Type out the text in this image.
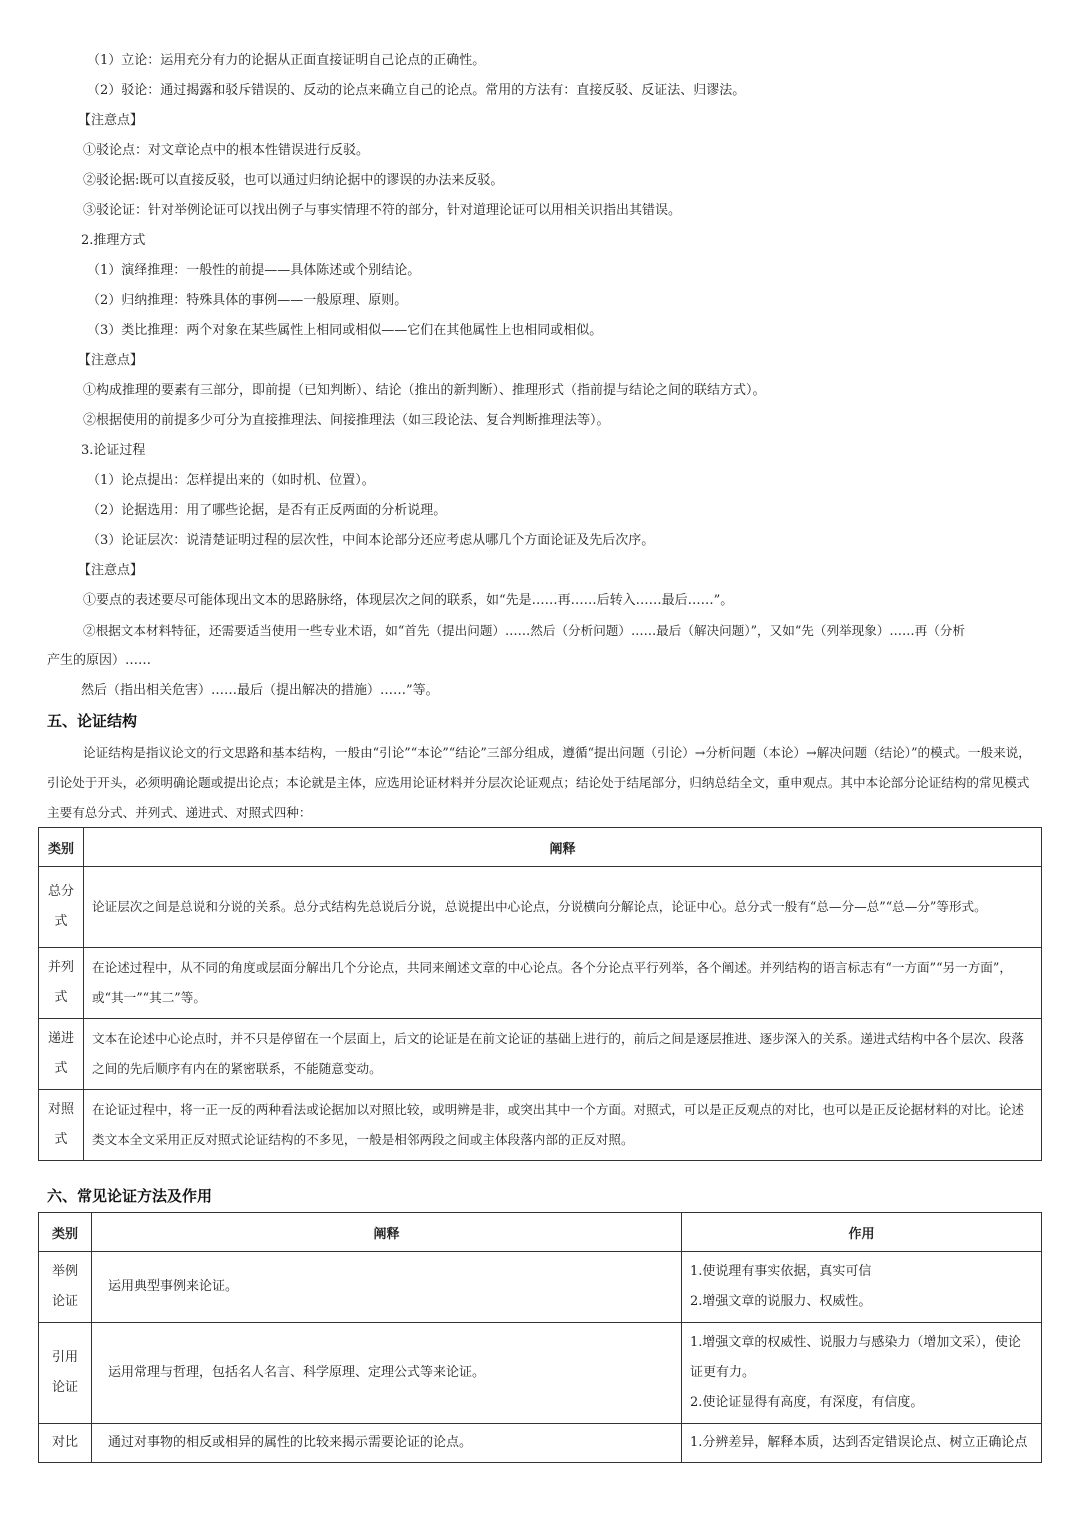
（1）立论：运用充分有力的论据从正面直接证明自己论点的正确性。
（2）驳论：通过揭露和驳斥错误的、反动的论点来确立自己的论点。常用的方法有：直接反驳、反证法、归谬法。
【注意点】
①驳论点：对文章论点中的根本性错误进行反驳。
②驳论据:既可以直接反驳，也可以通过归纳论据中的谬误的办法来反驳。
③驳论证：针对举例论证可以找出例子与事实情理不符的部分，针对道理论证可以用相关识指出其错误。
2.推理方式
（1）演绎推理：一般性的前提——具体陈述或个别结论。
（2）归纳推理：特殊具体的事例——一般原理、原则。
（3）类比推理：两个对象在某些属性上相同或相似——它们在其他属性上也相同或相似。
【注意点】
①构成推理的要素有三部分，即前提（已知判断）、结论（推出的新判断）、推理形式（指前提与结论之间的联结方式）。
②根据使用的前提多少可分为直接推理法、间接推理法（如三段论法、复合判断推理法等）。
3.论证过程
（1）论点提出：怎样提出来的（如时机、位置）。
（2）论据选用：用了哪些论据，是否有正反两面的分析说理。
（3）论证层次：说清楚证明过程的层次性，中间本论部分还应考虑从哪几个方面论证及先后次序。
【注意点】
①要点的表述要尽可能体现出文本的思路脉络，体现层次之间的联系，如“先是……再……后转入……最后……”。
②根据文本材料特征，还需要适当使用一些专业术语，如“首先（提出问题）……然后（分析问题）……最后（解决问题）”，又如“先（列举现象）……再（分析
产生的原因）……
然后（指出相关危害）……最后（提出解决的措施）……”等。
五、论证结构
论证结构是指议论文的行文思路和基本结构，一般由“引论”“本论”“结论”三部分组成，遵循“提出问题（引论）→分析问题（本论）→解决问题（结论）”的模式。一般来说，引论处于开头，必须明确论题或提出论点；本论就是主体，应选用论证材料并分层次论证观点；结论处于结尾部分，归纳总结全文，重申观点。其中本论部分论证结构的常见模式主要有总分式、并列式、递进式、对照式四种：
类别	阐释
总分式	论证层次之间是总说和分说的关系。总分式结构先总说后分说，总说提出中心论点，分说横向分解论点，论证中心。总分式一般有“总—分—总”“总—分”等形式。
并列式	在论述过程中，从不同的角度或层面分解出几个分论点，共同来阐述文章的中心论点。各个分论点平行列举，各个阐述。并列结构的语言标志有“一方面”“另一方面”，或“其一”“其二”等。
递进式	文本在论述中心论点时，并不只是停留在一个层面上，后文的论证是在前文论证的基础上进行的，前后之间是逐层推进、逐步深入的关系。递进式结构中各个层次、段落之间的先后顺序有内在的紧密联系，不能随意变动。
对照式	在论证过程中，将一正一反的两种看法或论据加以对照比较，或明辨是非，或突出其中一个方面。对照式，可以是正反观点的对比，也可以是正反论据材料的对比。论述类文本全文采用正反对照式论证结构的不多见，一般是相邻两段之间或主体段落内部的正反对照。
六、常见论证方法及作用
类别	阐释	作用
举例论证	运用典型事例来论证。	1.使说理有事实依据，真实可信
2.增强文章的说服力、权威性。

引用论证	运用常理与哲理，包括名人名言、科学原理、定理公式等来论证。	1.增强文章的权威性、说服力与感染力（增加文采），使论证更有力。
2.使论证显得有高度，有深度，有信度。

对比	通过对事物的相反或相异的属性的比较来揭示需要论证的论点。	1.分辨差异，解释本质，达到否定错误论点、树立正确论点
